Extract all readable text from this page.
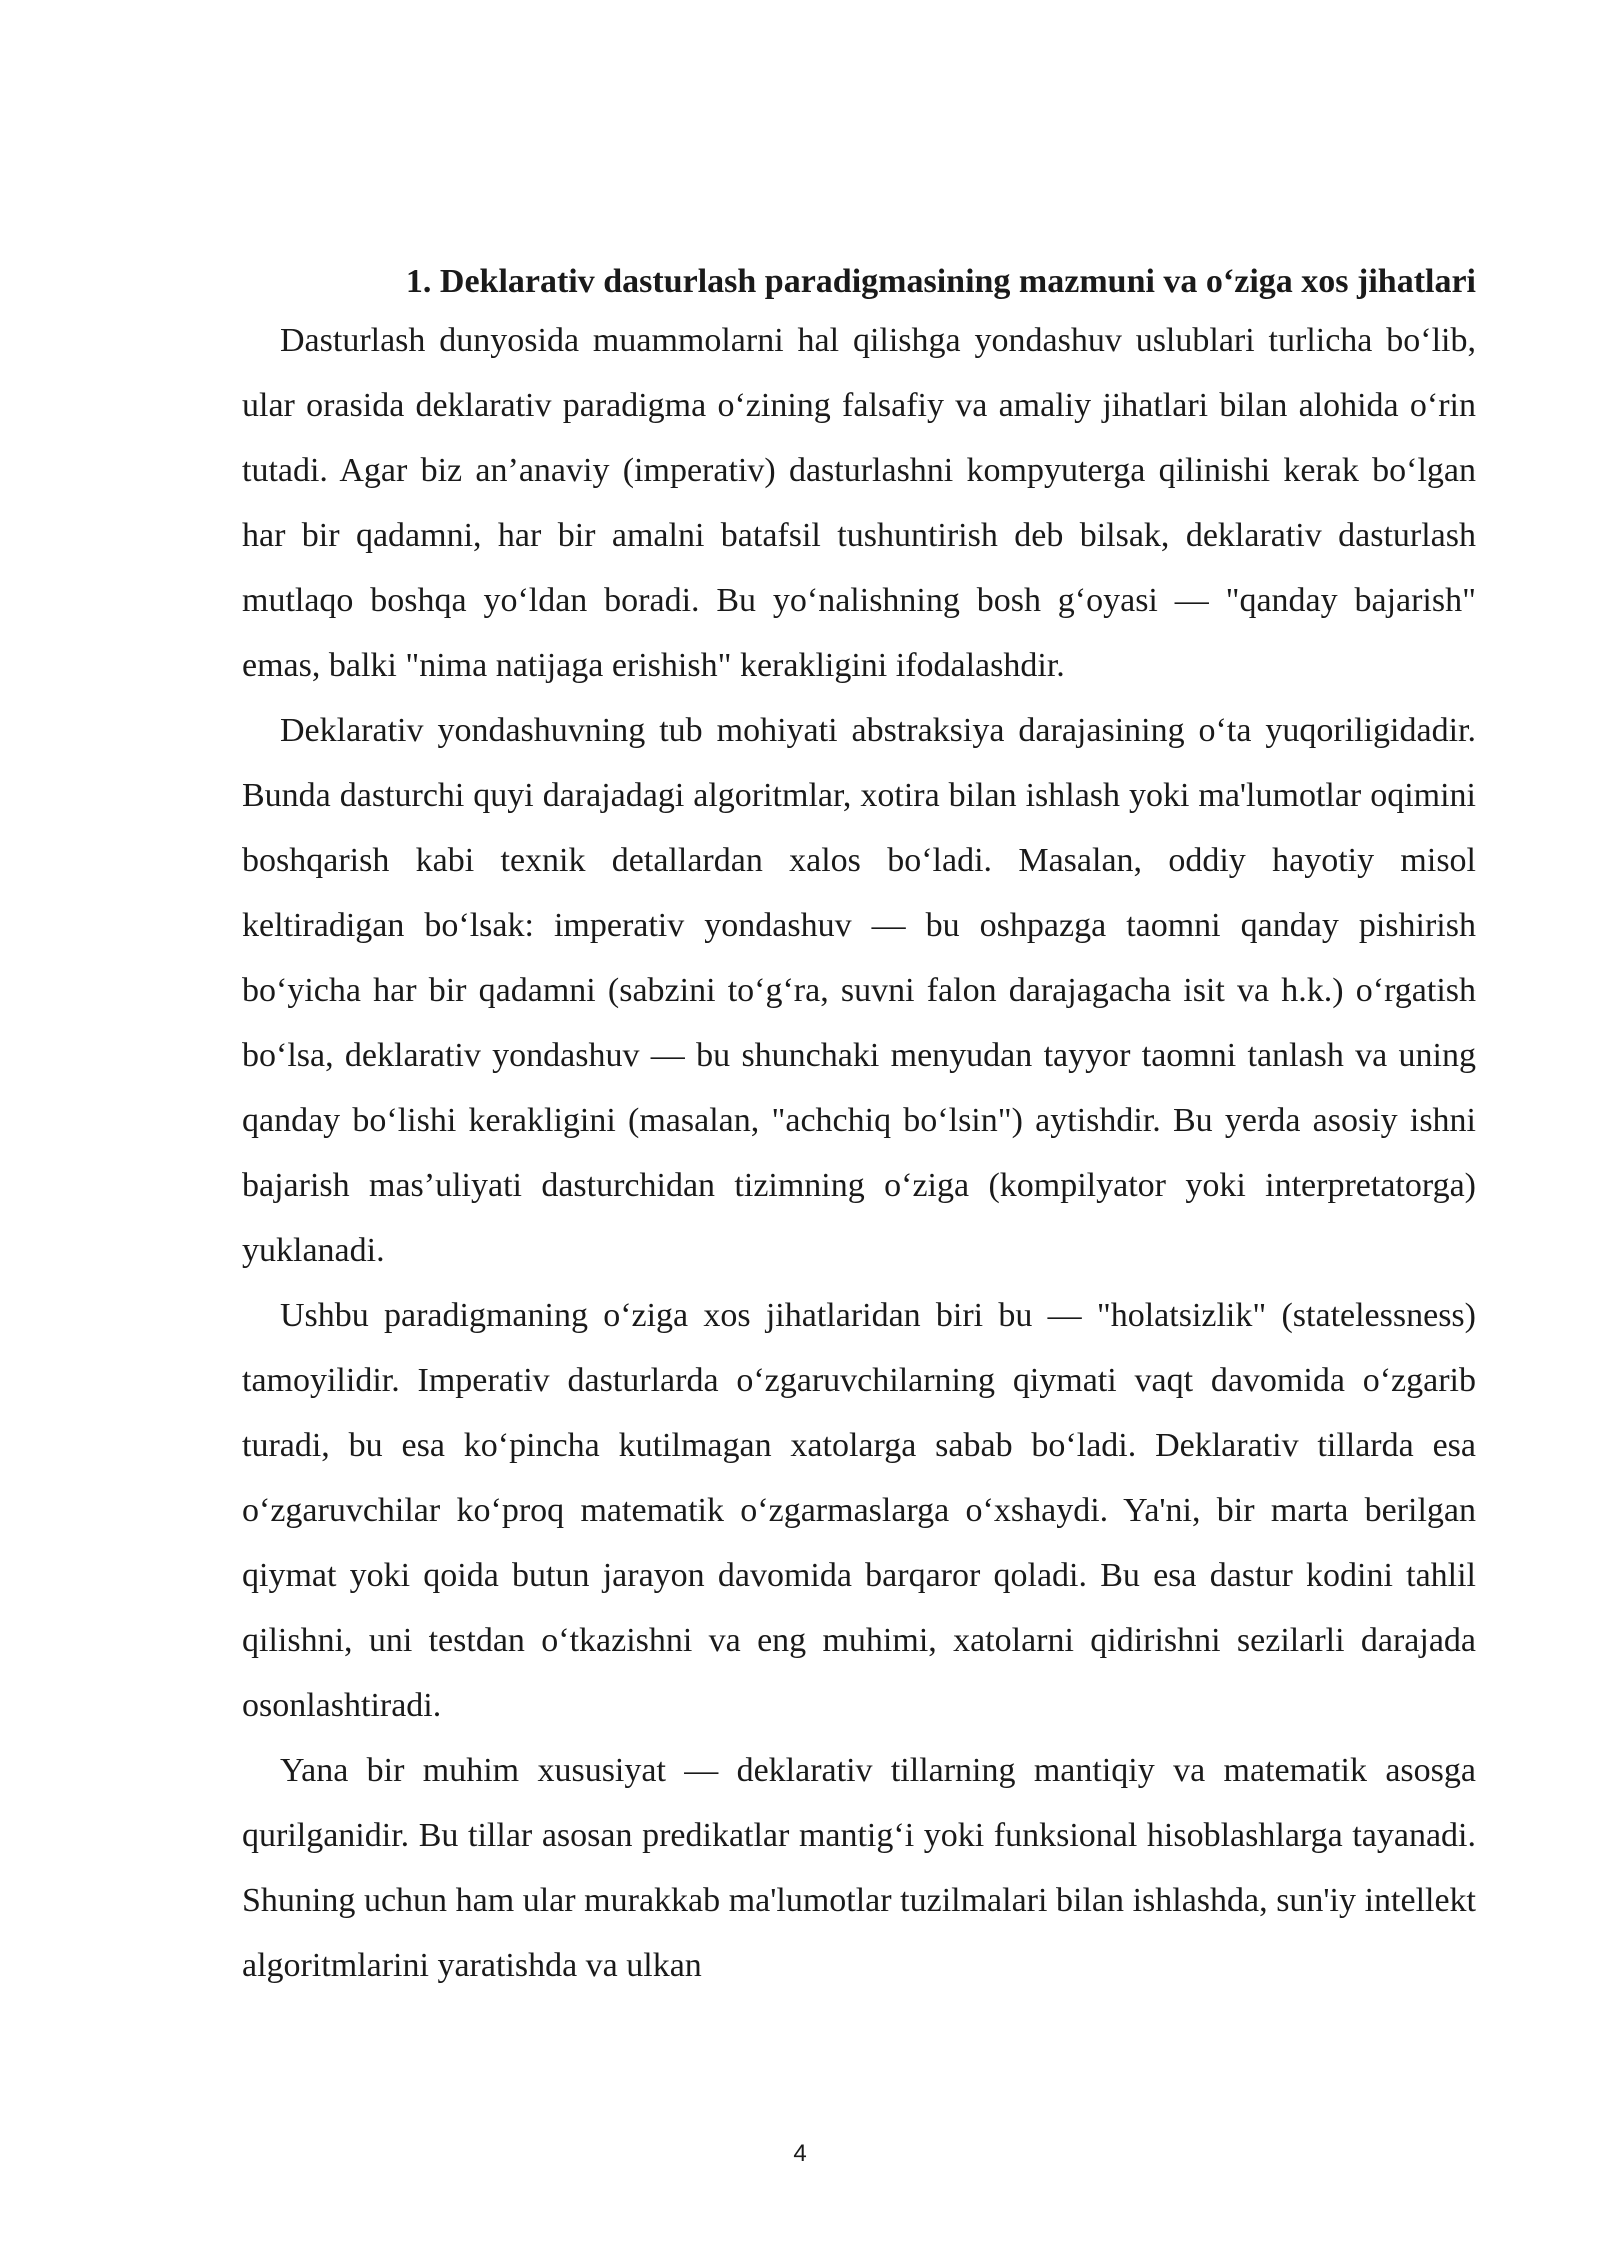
1. Deklarativ dasturlash paradigmasining mazmuni va o‘ziga xos jihatlari

Dasturlash dunyosida muammolarni hal qilishga yondashuv uslublari turlicha bo‘lib, ular orasida deklarativ paradigma o‘zining falsafiy va amaliy jihatlari bilan alohida o‘rin tutadi. Agar biz an’anaviy (imperativ) dasturlashni kompyuterga qilinishi kerak bo‘lgan har bir qadamni, har bir amalni batafsil tushuntirish deb bilsak, deklarativ dasturlash mutlaqo boshqa yo‘ldan boradi. Bu yo‘nalishning bosh g‘oyasi — "qanday bajarish" emas, balki "nima natijaga erishish" kerakligini ifodalashdir.

Deklarativ yondashuvning tub mohiyati abstraksiya darajasining o‘ta yuqoriligidadir. Bunda dasturchi quyi darajadagi algoritmlar, xotira bilan ishlash yoki ma'lumotlar oqimini boshqarish kabi texnik detallardan xalos bo‘ladi. Masalan, oddiy hayotiy misol keltiradigan bo‘lsak: imperativ yondashuv — bu oshpazga taomni qanday pishirish bo‘yicha har bir qadamni (sabzini to‘g‘ra, suvni falon darajagacha isit va h.k.) o‘rgatish bo‘lsa, deklarativ yondashuv — bu shunchaki menyudan tayyor taomni tanlash va uning qanday bo‘lishi kerakligini (masalan, "achchiq bo‘lsin") aytishdir. Bu yerda asosiy ishni bajarish mas’uliyati dasturchidan tizimning o‘ziga (kompilyator yoki interpretatorga) yuklanadi.

Ushbu paradigmaning o‘ziga xos jihatlaridan biri bu — "holatsizlik" (statelessness) tamoyilidir. Imperativ dasturlarda o‘zgaruvchilarning qiymati vaqt davomida o‘zgarib turadi, bu esa ko‘pincha kutilmagan xatolarga sabab bo‘ladi. Deklarativ tillarda esa o‘zgaruvchilar ko‘proq matematik o‘zgarmaslarga o‘xshaydi. Ya'ni, bir marta berilgan qiymat yoki qoida butun jarayon davomida barqaror qoladi. Bu esa dastur kodini tahlil qilishni, uni testdan o‘tkazishni va eng muhimi, xatolarni qidirishni sezilarli darajada osonlashtiradi.

Yana bir muhim xususiyat — deklarativ tillarning mantiqiy va matematik asosga qurilganidir. Bu tillar asosan predikatlar mantig‘i yoki funksional hisoblashlarga tayanadi. Shuning uchun ham ular murakkab ma'lumotlar tuzilmalari bilan ishlashda, sun'iy intellekt algoritmlarini yaratishda va ulkan

4
